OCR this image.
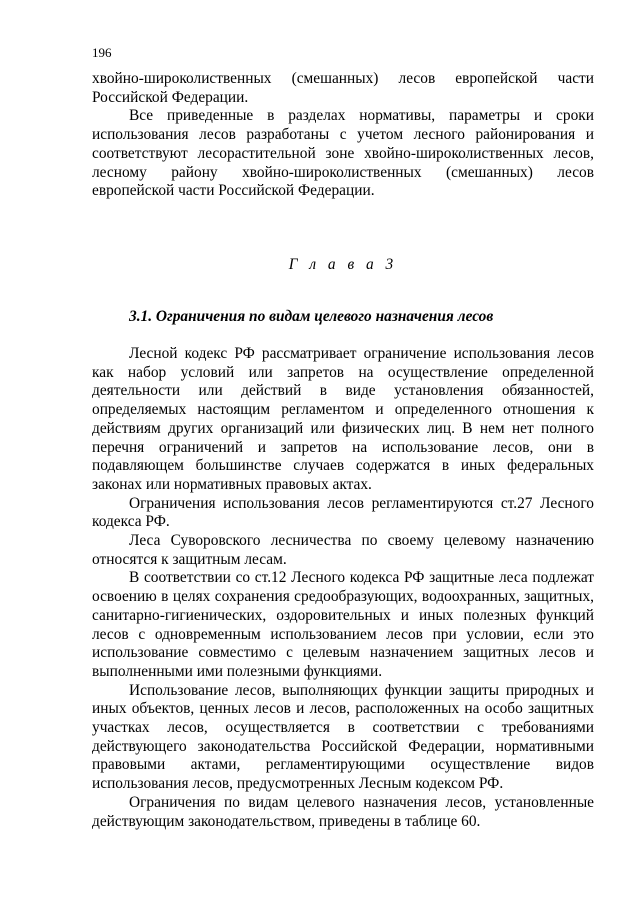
196

хвойно-широколиственных (смешанных) лесов европейской части Российской Федерации.

Все приведенные в разделах нормативы, параметры и сроки использования лесов разработаны с учетом лесного районирования и соответствуют лесорастительной зоне хвойно-широколиственных лесов, лесному району хвойно-широколиственных (смешанных) лесов европейской части Российской Федерации.

Г л а в а 3
3.1. Ограничения по видам целевого назначения лесов

Лесной кодекс РФ рассматривает ограничение использования лесов как набор условий или запретов на осуществление определенной деятельности или действий в виде установления обязанностей, определяемых настоящим регламентом и определенного отношения к действиям других организаций или физических лиц. В нем нет полного перечня ограничений и запретов на использование лесов, они в подавляющем большинстве случаев содержатся в иных федеральных законах или нормативных правовых актах.

Ограничения использования лесов регламентируются ст.27 Лесного кодекса РФ.

Леса Суворовского лесничества по своему целевому назначению относятся к защитным лесам.

В соответствии со ст.12 Лесного кодекса РФ защитные леса подлежат освоению в целях сохранения средообразующих, водоохранных, защитных, санитарно-гигиенических, оздоровительных и иных полезных функций лесов с одновременным использованием лесов при условии, если это использование совместимо с целевым назначением защитных лесов и выполненными ими полезными функциями.

Использование лесов, выполняющих функции защиты природных и иных объектов, ценных лесов и лесов, расположенных на особо защитных участках лесов, осуществляется в соответствии с требованиями действующего законодательства Российской Федерации, нормативными правовыми актами, регламентирующими осуществление видов использования лесов, предусмотренных Лесным кодексом РФ.

Ограничения по видам целевого назначения лесов, установленные действующим законодательством, приведены в таблице 60.
